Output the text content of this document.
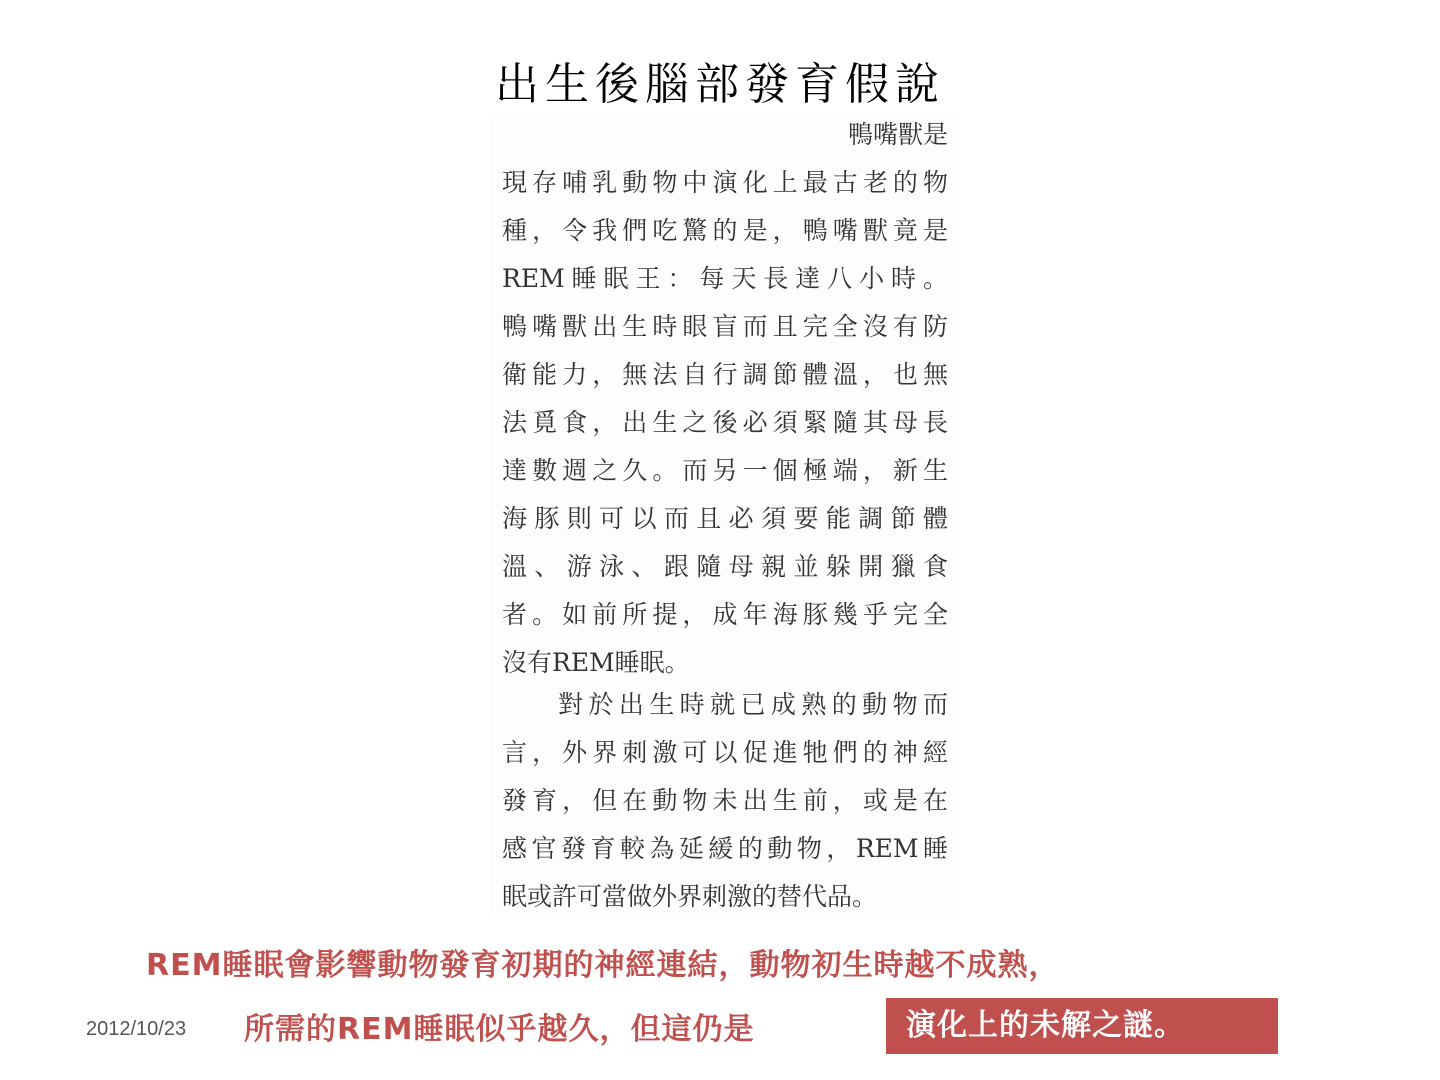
出生後腦部發育假說
鴨嘴獸是
現存哺乳動物中演化上最古老的物
種，令我們吃驚的是，鴨嘴獸竟是
REM睡眠王：每天長達八小時。
鴨嘴獸出生時眼盲而且完全沒有防
衛能力，無法自行調節體溫，也無
法覓食，出生之後必須緊隨其母長
達數週之久。而另一個極端，新生
海豚則可以而且必須要能調節體
溫、游泳、跟隨母親並躲開獵食
者。如前所提，成年海豚幾乎完全
沒有REM睡眠。
對於出生時就已成熟的動物而
言，外界刺激可以促進牠們的神經
發育，但在動物未出生前，或是在
感官發育較為延緩的動物，REM睡
眠或許可當做外界刺激的替代品。
REM睡眠會影響動物發育初期的神經連結，動物初生時越不成熟，
所需的REM睡眠似乎越久，但這仍是	演化上的未解之謎。
2012/10/23
